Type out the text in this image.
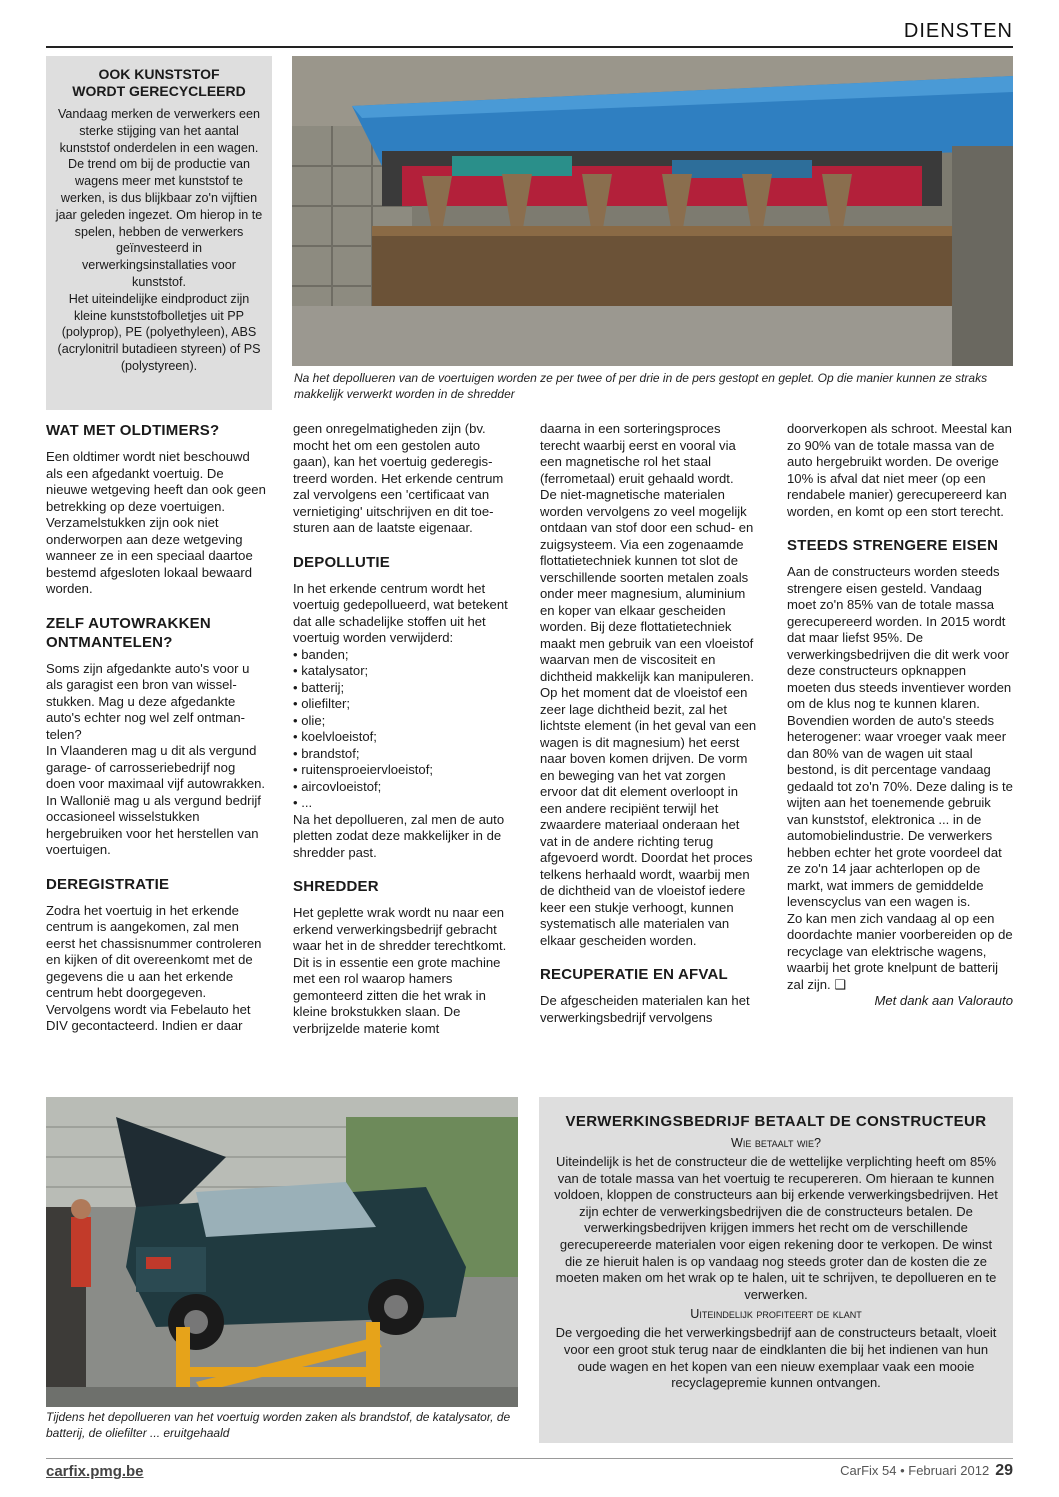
DIENSTEN
OOK KUNSTSTOF
WORDT GERECYCLEERD

Vandaag merken de verwerkers een sterke stijging van het aantal kunststof onderdelen in een wagen. De trend om bij de productie van wagens meer met kunststof te werken, is dus blijkbaar zo'n vijftien jaar geleden ingezet. Om hierop in te spelen, hebben de verwerkers geïnvesteerd in verwerkingsinstallaties voor kunststof.

Het uiteindelijke eindproduct zijn kleine kunststofbolletjes uit PP (polyprop), PE (polyethyleen), ABS (acrylonitril butadieen styreen) of PS (polystyreen).

Na het depollueren van de voertuigen worden ze per twee of per drie in de pers gestopt en geplet. Op die manier kunnen ze straks makkelijk verwerkt worden in de shredder
WAT MET OLDTIMERS?

Een oldtimer wordt niet beschouwd als een afgedankt voertuig. De nieuwe wetgeving heeft dan ook geen betrekking op deze voertuigen. Verzamelstukken zijn ook niet onderworpen aan deze wetgeving wanneer ze in een speciaal daartoe bestemd afgesloten lokaal bewaard worden.

ZELF AUTOWRAKKEN
ONTMANTELEN?

Soms zijn afgedankte auto's voor u als garagist een bron van wisselstukken. Mag u deze afgedankte auto's echter nog wel zelf ontmantelen?

In Vlaanderen mag u dit als vergund garage- of carrosseriebedrijf nog doen voor maximaal vijf autowrakken. In Wallonië mag u als vergund bedrijf occasioneel wisselstukken hergebruiken voor het herstellen van voertuigen.

DEREGISTRATIE

Zodra het voertuig in het erkende centrum is aangekomen, zal men eerst het chassisnummer controleren en kijken of dit overeenkomt met de gegevens die u aan het erkende centrum hebt doorgegeven.

Vervolgens wordt via Febelauto het DIV gecontacteerd. Indien er daar

geen onregelmatigheden zijn (bv. mocht het om een gestolen auto gaan), kan het voertuig gederegistreerd worden. Het erkende centrum zal vervolgens een 'certificaat van vernietiging' uitschrijven en dit toesturen aan de laatste eigenaar.

DEPOLLUTIE

In het erkende centrum wordt het voertuig gedepollueerd, wat betekent dat alle schadelijke stoffen uit het voertuig worden verwijderd:

• banden;
• katalysator;
• batterij;
• oliefilter;
• olie;
• koelvloeistof;
• brandstof;
• ruitensproeiervloeistof;
• aircovloeistof;
• ...

Na het depollueren, zal men de auto pletten zodat deze makkelijker in de shredder past.

SHREDDER

Het geplette wrak wordt nu naar een erkend verwerkingsbedrijf gebracht waar het in de shredder terechtkomt. Dit is in essentie een grote machine met een rol waarop hamers gemonteerd zitten die het wrak in kleine brokstukken slaan. De verbrijzelde materie komt

daarna in een sorteringsproces terecht waarbij eerst en vooral via een magnetische rol het staal (ferrometaal) eruit gehaald wordt.

De niet-magnetische materialen worden vervolgens zo veel mogelijk ontdaan van stof door een schud- en zuigsysteem. Via een zogenaamde flottatietechniek kunnen tot slot de verschillende soorten metalen zoals onder meer magnesium, aluminium en koper van elkaar gescheiden worden. Bij deze flottatietechniek maakt men gebruik van een vloeistof waarvan men de viscositeit en dichtheid makkelijk kan manipuleren.

Op het moment dat de vloeistof een zeer lage dichtheid bezit, zal het lichtste element (in het geval van een wagen is dit magnesium) het eerst naar boven komen drijven. De vorm en beweging van het vat zorgen ervoor dat dit element overloopt in een andere recipiënt terwijl het zwaardere materiaal onderaan het vat in de andere richting terug afgevoerd wordt. Doordat het proces telkens herhaald wordt, waarbij men de dichtheid van de vloeistof iedere keer een stukje verhoogt, kunnen systematisch alle materialen van elkaar gescheiden worden.

RECUPERATIE EN AFVAL

De afgescheiden materialen kan het verwerkingsbedrijf vervolgens

doorverkopen als schroot. Meestal kan zo 90% van de totale massa van de auto hergebruikt worden. De overige 10% is afval dat niet meer (op een rendabele manier) gerecupereerd kan worden, en komt op een stort terecht.

STEEDS STRENGERE EISEN

Aan de constructeurs worden steeds strengere eisen gesteld. Vandaag moet zo'n 85% van de totale massa gerecupereerd worden. In 2015 wordt dat maar liefst 95%. De verwerkingsbedrijven die dit werk voor deze constructeurs opknappen moeten dus steeds inventiever worden om de klus nog te kunnen klaren. Bovendien worden de auto's steeds heterogener: waar vroeger vaak meer dan 80% van de wagen uit staal bestond, is dit percentage vandaag gedaald tot zo'n 70%. Deze daling is te wijten aan het toenemende gebruik van kunststof, elektronica ... in de automobielindustrie. De verwerkers hebben echter het grote voordeel dat ze zo'n 14 jaar achterlopen op de markt, wat immers de gemiddelde levenscyclus van een wagen is.

Zo kan men zich vandaag al op een doordachte manier voorbereiden op de recyclage van elektrische wagens, waarbij het grote knelpunt de batterij zal zijn. ❑

Met dank aan Valorauto

Tijdens het depollueren van het voertuig worden zaken als brandstof, de katalysator, de batterij, de oliefilter ... eruitgehaald
VERWERKINGSBEDRIJF BETAALT DE CONSTRUCTEUR
Wie betaalt wie?

Uiteindelijk is het de constructeur die de wettelijke verplichting heeft om 85% van de totale massa van het voertuig te recupereren. Om hieraan te kunnen voldoen, kloppen de constructeurs aan bij erkende verwerkingsbedrijven. Het zijn echter de verwerkingsbedrijven die de constructeurs betalen. De verwerkingsbedrijven krijgen immers het recht om de verschillende gerecupereerde materialen voor eigen rekening door te verkopen. De winst die ze hieruit halen is op vandaag nog steeds groter dan de kosten die ze moeten maken om het wrak op te halen, uit te schrijven, te depollueren en te verwerken.

Uiteindelijk profiteert de klant

De vergoeding die het verwerkingsbedrijf aan de constructeurs betaalt, vloeit voor een groot stuk terug naar de eindklanten die bij het indienen van hun oude wagen en het kopen van een nieuw exemplaar vaak een mooie recyclagepremie kunnen ontvangen.

carfix.pmg.be	CarFix 54 • Februari 2012 29
